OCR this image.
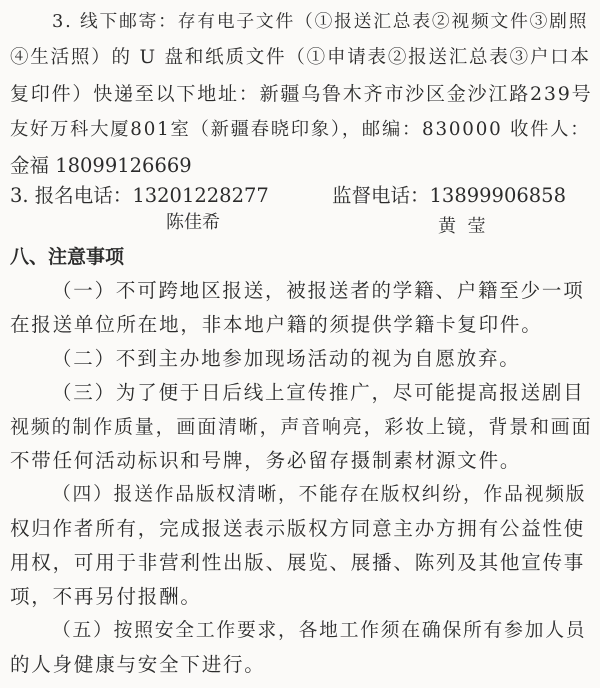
3. 线下邮寄：存有电子文件（①报送汇总表②视频文件③剧照
④生活照）的 U 盘和纸质文件（①申请表②报送汇总表③户口本
复印件）快递至以下地址：新疆乌鲁木齐市沙区金沙江路239号
友好万科大厦801室（新疆春晓印象），邮编：830000 收件人：
金福 18099126669
3. 报名电话：13201228277	监督电话：13899906858
陈佳希	黄  莹
八、注意事项
（一）不可跨地区报送，被报送者的学籍、户籍至少一项
在报送单位所在地，非本地户籍的须提供学籍卡复印件。
（二）不到主办地参加现场活动的视为自愿放弃。
（三）为了便于日后线上宣传推广，尽可能提高报送剧目
视频的制作质量，画面清晰，声音响亮，彩妆上镜，背景和画面
不带任何活动标识和号牌，务必留存摄制素材源文件。
（四）报送作品版权清晰，不能存在版权纠纷，作品视频版
权归作者所有，完成报送表示版权方同意主办方拥有公益性使
用权，可用于非营利性出版、展览、展播、陈列及其他宣传事
项，不再另付报酬。
（五）按照安全工作要求，各地工作须在确保所有参加人员
的人身健康与安全下进行。
